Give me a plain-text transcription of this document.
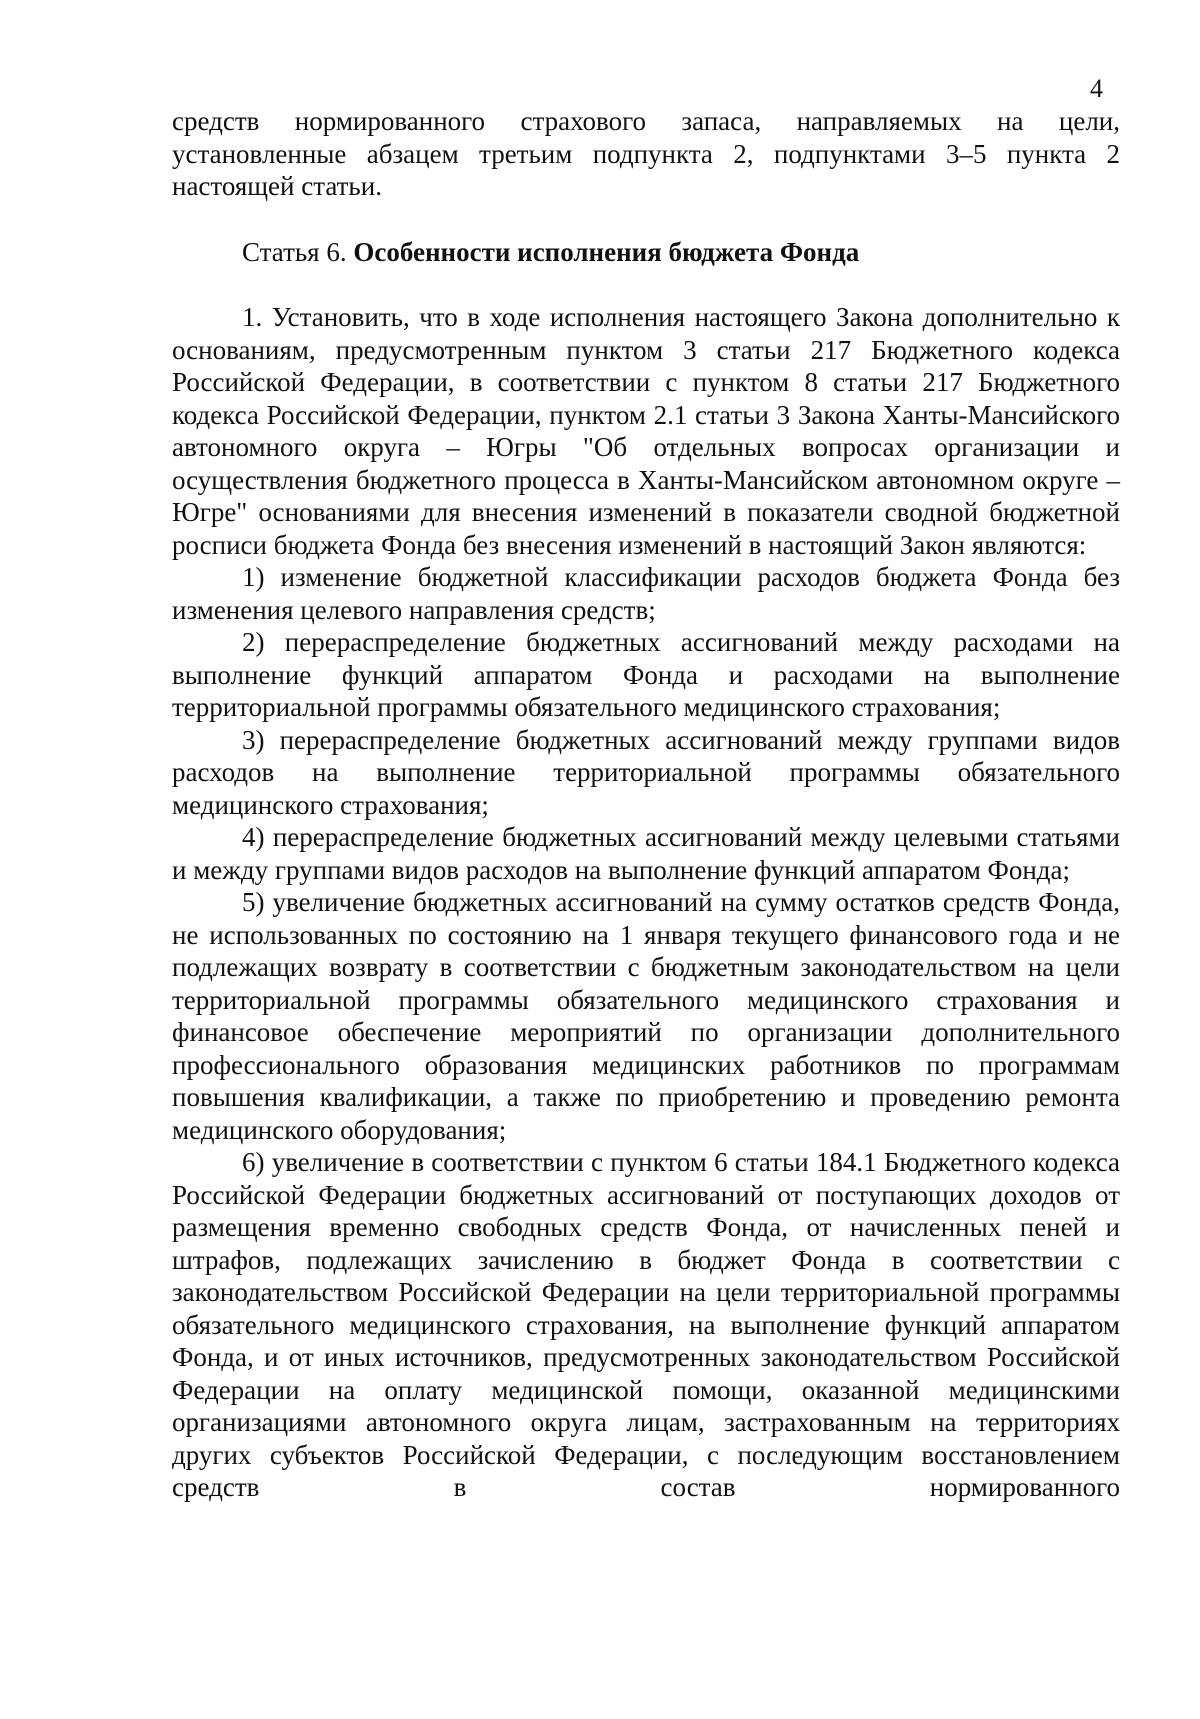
4

средств нормированного страхового запаса, направляемых на цели, установленные абзацем третьим подпункта 2, подпунктами 3–5 пункта 2 настоящей статьи.

Статья 6. Особенности исполнения бюджета Фонда

1. Установить, что в ходе исполнения настоящего Закона дополнительно к основаниям, предусмотренным пунктом 3 статьи 217 Бюджетного кодекса Российской Федерации, в соответствии с пунктом 8 статьи 217 Бюджетного кодекса Российской Федерации, пунктом 2.1 статьи 3 Закона Ханты-Мансийского автономного округа – Югры "Об отдельных вопросах организации и осуществления бюджетного процесса в Ханты-Мансийском автономном округе – Югре" основаниями для внесения изменений в показатели сводной бюджетной росписи бюджета Фонда без внесения изменений в настоящий Закон являются:

1) изменение бюджетной классификации расходов бюджета Фонда без изменения целевого направления средств;

2) перераспределение бюджетных ассигнований между расходами на выполнение функций аппаратом Фонда и расходами на выполнение территориальной программы обязательного медицинского страхования;

3) перераспределение бюджетных ассигнований между группами видов расходов на выполнение территориальной программы обязательного медицинского страхования;

4) перераспределение бюджетных ассигнований между целевыми статьями и между группами видов расходов на выполнение функций аппаратом Фонда;

5) увеличение бюджетных ассигнований на сумму остатков средств Фонда, не использованных по состоянию на 1 января текущего финансового года и не подлежащих возврату в соответствии с бюджетным законодательством на цели территориальной программы обязательного медицинского страхования и финансовое обеспечение мероприятий по организации дополнительного профессионального образования медицинских работников по программам повышения квалификации, а также по приобретению и проведению ремонта медицинского оборудования;

6) увеличение в соответствии с пунктом 6 статьи 184.1 Бюджетного кодекса Российской Федерации бюджетных ассигнований от поступающих доходов от размещения временно свободных средств Фонда, от начисленных пеней и штрафов, подлежащих зачислению в бюджет Фонда в соответствии с законодательством Российской Федерации на цели территориальной программы обязательного медицинского страхования, на выполнение функций аппаратом Фонда, и от иных источников, предусмотренных законодательством Российской Федерации на оплату медицинской помощи, оказанной медицинскими организациями автономного округа лицам, застрахованным на территориях других субъектов Российской Федерации, с последующим восстановлением средств в состав нормированного
